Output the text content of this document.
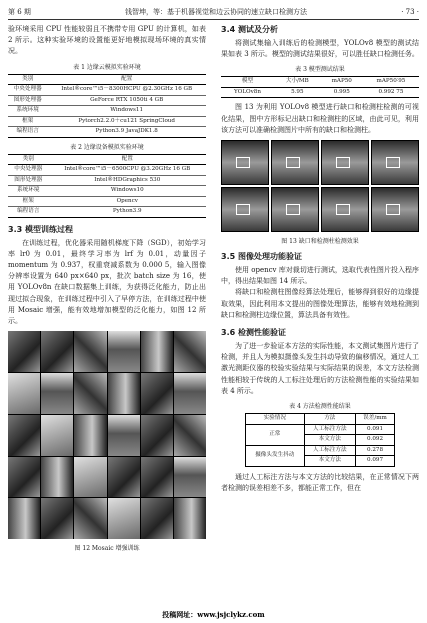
第 6 期	钱智坤，等：基于机器视觉和边云协同的速立缺口检测方法	· 73 ·

验环境采用 CPU 性能较弱且不携带专用 GPU 的计算机，如表 2 所示。这种实验环境的设置能更好地模拟现场环境的真实情况。

表 1 边缘云模拟实验环境
类别	配置
中央处理器	Intel®core™i5－8300HCPU @2.30GHz 16 GB
图形处理器	GeForce RTX 1050ti 4 GB
系统环境	Windows11
框架	Pytorch2.2.0＋cu121 SpringCloud
编程语言	Python3.9 JavaJDK1.8
表 2 边缘设备模拟实验环境
类别	配置
中央处理器	Intel®core™i5－6500CPU @3.20GHz 16 GB
图形处理器	Intel®HDGraphics 530
系统环境	Windows10
框架	Opencv
编程语言	Python3.9
3.3 模型训练过程

在训练过程，优化器采用随机梯度下降（SGD），初始学习率 lr0 为 0.01，最终学习率为 lrf 为 0.01，动量因子 momentum 为 0.937，权重衰减系数为 0.000 5，输入图像分辨率设置为 640 px×640 px，批次 batch size 为 16，使用 YOLOv8n 在缺口数据集上训练，为获得泛化能力，防止出现过拟合现象，在训练过程中引入了早停方法，在训练过程中使用 Mosaic 增强，能有效地增加模型的泛化能力，如图 12 所示。

图 12 Mosaic 增强训练
3.4 测试及分析

将测试集输入训练后的检测模型，YOLOv8 模型的测试结果如表 3 所示。模型的测试结果很好，可以胜任缺口检测任务。

表 3 模型测试结果
模型	大小/MB	mAP50	mAP50∶95
YOLOv8n	5.95	0.995	0.992 75

图 13 为利用 YOLOv8 模型进行缺口和检测柱检测的可视化结果，图中方形标记出缺口和检测柱的区域，由此可见，利用该方法可以准确检测图片中所有的缺口和检测柱。

图 13 缺口和检测柱检测效果
3.5 图像处理功能验证

使用 opencv 库对裁切进行测试，选取代表性图片投入程序中，得出结果如图 14 所示。

将缺口和检测柱图像经算法处理后，能够得到很好的边缘提取效果，因此利用本文提出的图像处理算法，能够有效地检测到缺口和检测柱边缘位置，算法具备有效性。

3.6 检测性能验证

为了进一步验证本方法的实际性能，本文测试集图片进行了检测，并且人为模拟摄像头发生抖动导致的偏移情况，通过人工激光测距仪器的校验实验结果与实际结果的误差，本文方法检测性能相较于传统的人工标注处理后的方法检测性能的实验结果如表 4 所示。

表 4 方法检测性能结果
实验情况	方法	误差/mm
正常	人工标注方法	0.091
	本文方法	0.092
摄像头发生抖动	人工标注方法	0.278
	本文方法	0.097

通过人工标注方法与本文方法的比较结果，在正常情况下两者检测的误差相差不多，都能正常工作，但在

投稿网址：www.jsjclykz.com
